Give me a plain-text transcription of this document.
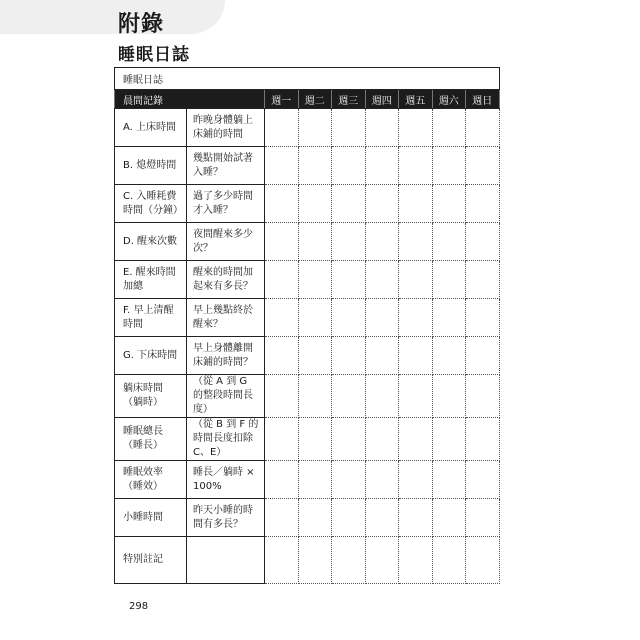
附錄
睡眠日誌
睡眠日誌								
晨間記錄		週一	週二	週三	週四	週五	週六	週日
A. 上床時間	昨晚身體躺上床鋪的時間							
B. 熄燈時間	幾點開始試著入睡？							
C. 入睡耗費時間（分鐘）	過了多少時間才入睡？							
D. 醒來次數	夜間醒來多少次？							
E. 醒來時間加總	醒來的時間加起來有多長？							
F. 早上清醒時間	早上幾點終於醒來？							
G. 下床時間	早上身體離開床鋪的時間？							
躺床時間（躺時）	（從 A 到 G 的整段時間長度）							
睡眠總長（睡長）	（從 B 到 F 的時間長度扣除 C、E）							
睡眠效率（睡效）	睡長／躺時 × 100%							
小睡時間	昨天小睡的時間有多長？							
特別註記								
298
